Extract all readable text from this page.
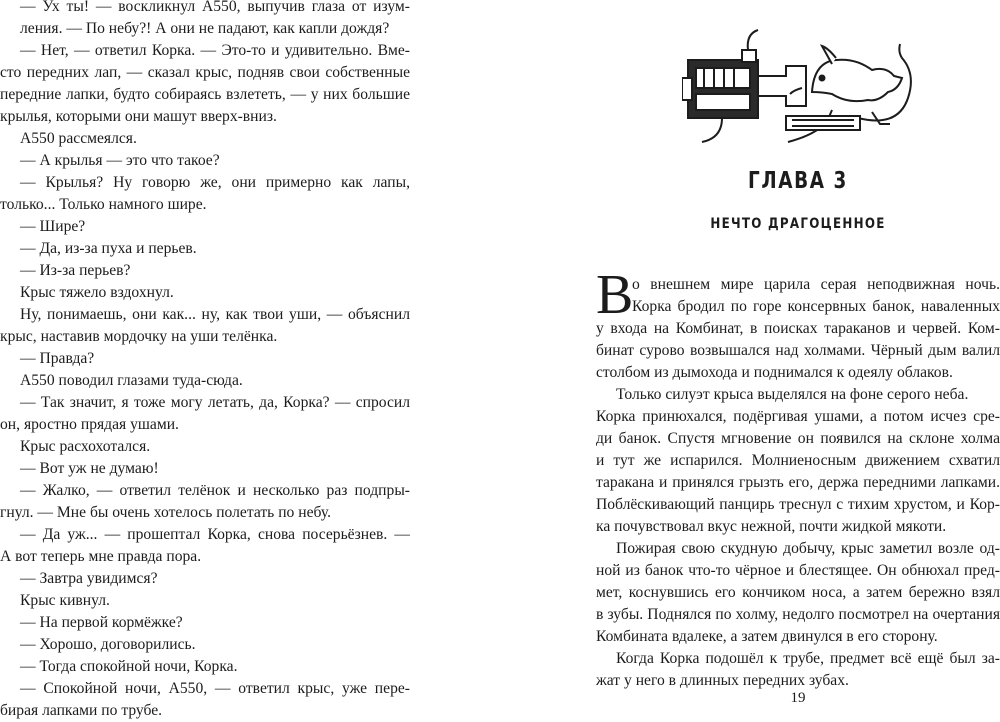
— Ух ты! — воскликнул А550, выпучив глаза от изум-
ления. — По небу?! А они не падают, как капли дождя?
— Нет, — ответил Корка. — Это-то и удивительно. Вме-
сто передних лап, — сказал крыс, подняв свои собственные
передние лапки, будто собираясь взлететь, — у них большие
крылья, которыми они машут вверх-вниз.
А550 рассмеялся.
— А крылья — это что такое?
— Крылья? Ну говорю же, они примерно как лапы,
только... Только намного шире.
— Шире?
— Да, из-за пуха и перьев.
— Из-за перьев?
Крыс тяжело вздохнул.
Ну, понимаешь, они как... ну, как твои уши, — объяснил
крыс, наставив мордочку на уши телёнка.
— Правда?
А550 поводил глазами туда-сюда.
— Так значит, я тоже могу летать, да, Корка? — спросил
он, яростно прядая ушами.
Крыс расхохотался.
— Вот уж не думаю!
— Жалко, — ответил телёнок и несколько раз подпры-
гнул. — Мне бы очень хотелось полетать по небу.
— Да уж... — прошептал Корка, снова посерьёзнев. —
А вот теперь мне правда пора.
— Завтра увидимся?
Крыс кивнул.
— На первой кормёжке?
— Хорошо, договорились.
— Тогда спокойной ночи, Корка.
— Спокойной ночи, А550, — ответил крыс, уже пере-
бирая лапками по трубе.
ГЛАВА 3
НЕЧТО ДРАГОЦЕННОЕ
В
о внешнем мире царила серая неподвижная ночь.
Корка бродил по горе консервных банок, наваленных
у входа на Комбинат, в поисках тараканов и червей. Ком-
бинат сурово возвышался над холмами. Чёрный дым валил
столбом из дымохода и поднимался к одеялу облаков.
Только силуэт крыса выделялся на фоне серого неба.
Корка принюхался, подёргивая ушами, а потом исчез сре-
ди банок. Спустя мгновение он появился на склоне холма
и тут же испарился. Молниеносным движением схватил
таракана и принялся грызть его, держа передними лапками.
Поблёскивающий панцирь треснул с тихим хрустом, и Кор-
ка почувствовал вкус нежной, почти жидкой мякоти.
Пожирая свою скудную добычу, крыс заметил возле од-
ной из банок что-то чёрное и блестящее. Он обнюхал пред-
мет, коснувшись его кончиком носа, а затем бережно взял
в зубы. Поднялся по холму, недолго посмотрел на очертания
Комбината вдалеке, а затем двинулся в его сторону.
Когда Корка подошёл к трубе, предмет всё ещё был за-
жат у него в длинных передних зубах.
19
